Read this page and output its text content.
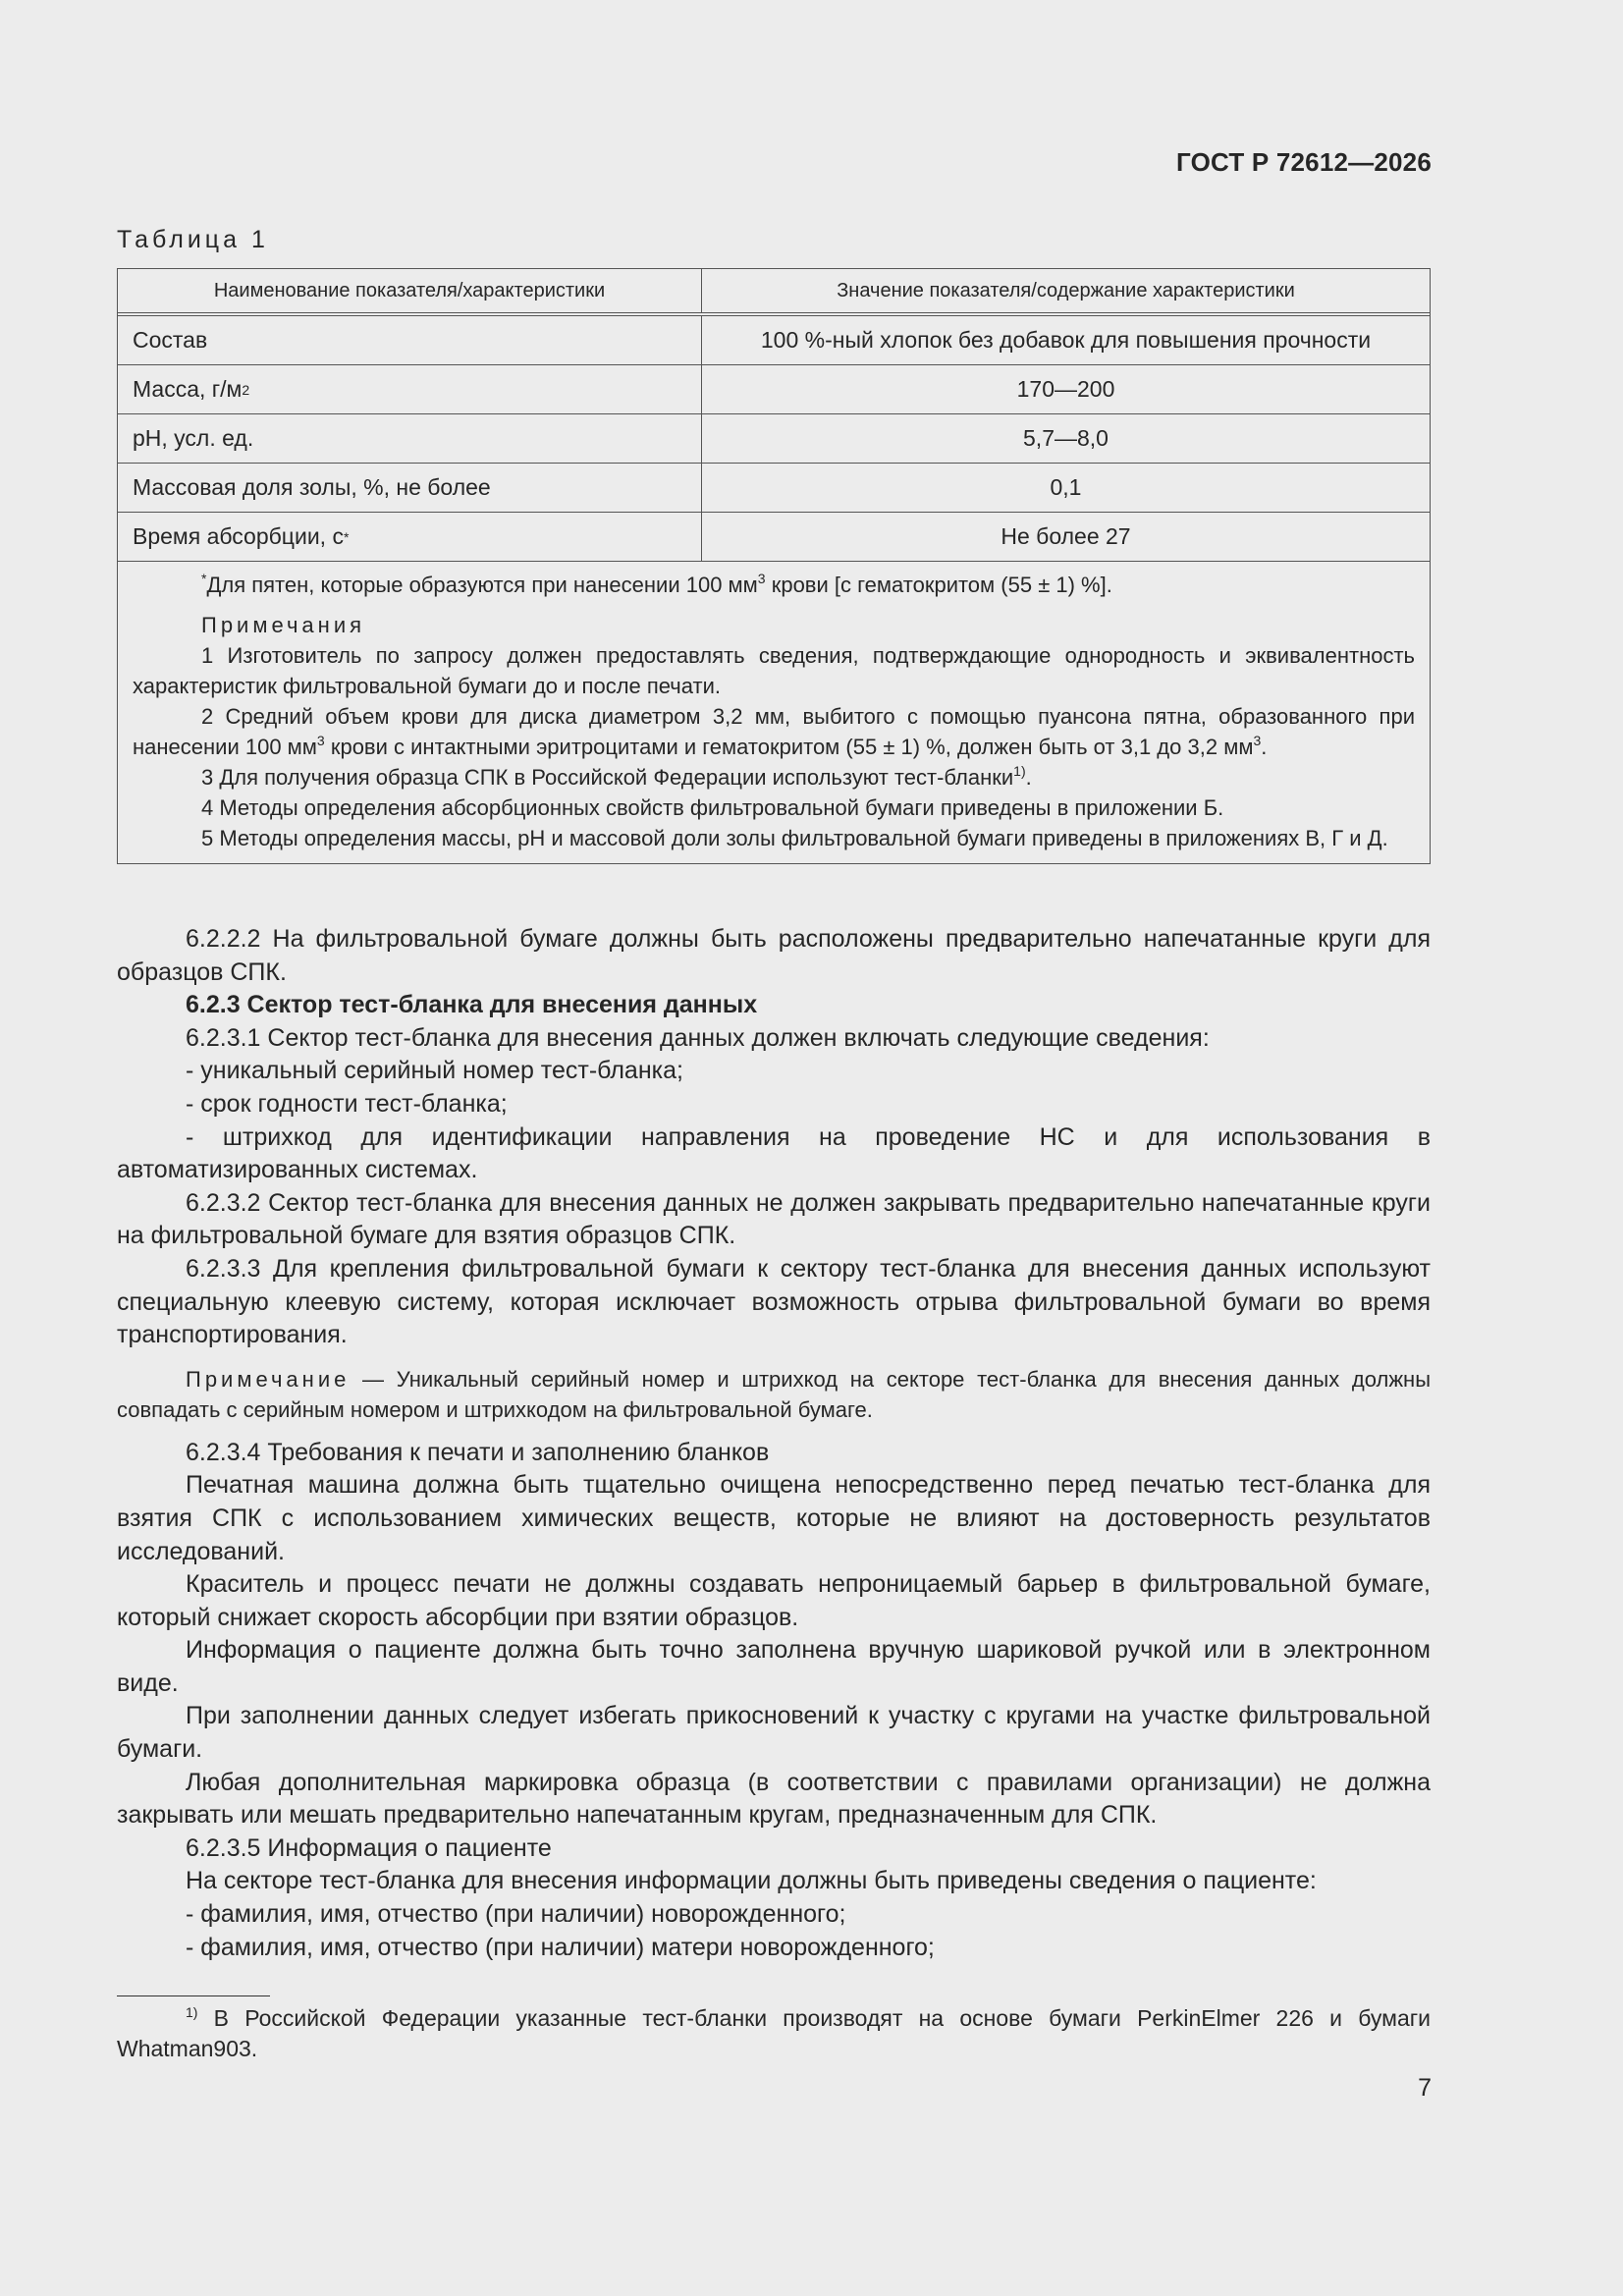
ГОСТ Р 72612—2026
Таблица 1
Наименование показателя/характеристики	Значение показателя/содержание характеристики
Состав	100 %-ный хлопок без добавок для повышения прочности
Масса, г/м 2	170—200
pH, усл. ед.	5,7—8,0
Массовая доля золы, %, не более	0,1
Время абсорбции, с *	Не более 27

*Для пятен, которые образуются при нанесении 100 $мм^3$ крови [с гематокритом (55 ± 1) %].

Примечания

1 Изготовитель по запросу должен предоставлять сведения, подтверждающие однородность и эквивалентность характеристик фильтровальной бумаги до и после печати.

2 Средний объем крови для диска диаметром 3,2 мм, выбитого с помощью пуансона пятна, образованного при нанесении 100 $мм^3$ крови с интактными эритроцитами и гематокритом (55 ± 1) %, должен быть от 3,1 до 3,2 $мм^3$.

3 Для получения образца СПК в Российской Федерации используют тест-бланки$^{1)}$.

4 Методы определения абсорбционных свойств фильтровальной бумаги приведены в приложении Б.

5 Методы определения массы, pH и массовой доли золы фильтровальной бумаги приведены в приложениях В, Г и Д.

6.2.2.2 На фильтровальной бумаге должны быть расположены предварительно напечатанные круги для образцов СПК.

6.2.3 Сектор тест-бланка для внесения данных

6.2.3.1 Сектор тест-бланка для внесения данных должен включать следующие сведения:

- уникальный серийный номер тест-бланка;

- срок годности тест-бланка;

- штрихкод для идентификации направления на проведение НС и для использования в автоматизированных системах.

6.2.3.2 Сектор тест-бланка для внесения данных не должен закрывать предварительно напечатанные круги на фильтровальной бумаге для взятия образцов СПК.

6.2.3.3 Для крепления фильтровальной бумаги к сектору тест-бланка для внесения данных используют специальную клеевую систему, которая исключает возможность отрыва фильтровальной бумаги во время транспортирования.

Примечание — Уникальный серийный номер и штрихкод на секторе тест-бланка для внесения данных должны совпадать с серийным номером и штрихкодом на фильтровальной бумаге.

6.2.3.4 Требования к печати и заполнению бланков

Печатная машина должна быть тщательно очищена непосредственно перед печатью тест-бланка для взятия СПК с использованием химических веществ, которые не влияют на достоверность результатов исследований.

Краситель и процесс печати не должны создавать непроницаемый барьер в фильтровальной бумаге, который снижает скорость абсорбции при взятии образцов.

Информация о пациенте должна быть точно заполнена вручную шариковой ручкой или в электронном виде.

При заполнении данных следует избегать прикосновений к участку с кругами на участке фильтровальной бумаги.

Любая дополнительная маркировка образца (в соответствии с правилами организации) не должна закрывать или мешать предварительно напечатанным кругам, предназначенным для СПК.

6.2.3.5 Информация о пациенте

На секторе тест-бланка для внесения информации должны быть приведены сведения о пациенте:

- фамилия, имя, отчество (при наличии) новорожденного;

- фамилия, имя, отчество (при наличии) матери новорожденного;

$^{1)}$ В Российской Федерации указанные тест-бланки производят на основе бумаги PerkinElmer 226 и бумаги Whatman903.
7
